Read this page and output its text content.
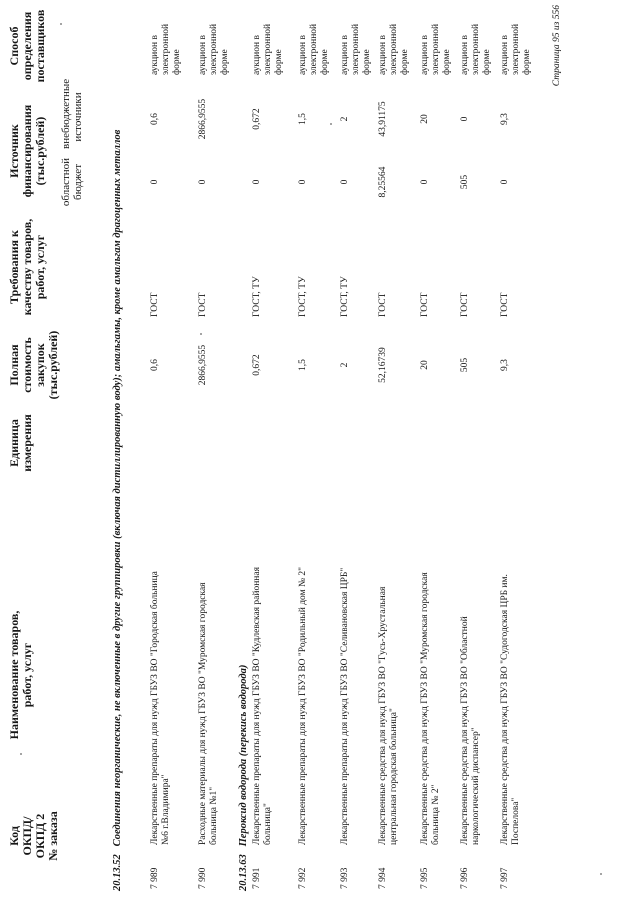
Код ОКПД/ ОКПД 2 № заказа
Наименование товаров, работ, услуг
Единица измерения
Полная стоимость закупок (тыс.рублей)
Требования к качеству товаров, работ, услуг
Источник финансирования (тыс.рублей) областной бюджет
внебюджетные источники
Способ определения поставщиков
20.13.52   Соединения неорганические, не включенные в другие группировки (включая дистиллированную воду); амальгамы, кроме амальгам драгоценных металлов
7 989
Лекарственные препараты для нужд ГБУЗ ВО "Городская больница №6 г.Владимира"
0,6
ГОСТ
0
0,6
аукцион в электронной форме
7 990
Расходные материалы для нужд ГБУЗ ВО "Муромская городская больница №1"
2866,9555
ГОСТ
0
2866,9555
аукцион в электронной форме
20.13.63   Пероксид водорода (перекись водорода)
7 991
Лекарственные препараты для нужд ГБУЗ ВО "Кудлевская районная больница"
0,672
ГОСТ, ТУ
0
0,672
аукцион в электронной форме
7 992
Лекарственные препараты для нужд ГБУЗ ВО "Родильный дом № 2"
1,5
ГОСТ, ТУ
0
1,5
аукцион в электронной форме
7 993
Лекарственные препараты для нужд ГБУЗ ВО "Селивановская ЦРБ"
2
ГОСТ, ТУ
0
2
аукцион в электронной форме
7 994
Лекарственные средства для нужд ГБУЗ ВО "Гусь-Хрустальная центральная городская больница"
52,16739
ГОСТ
8,25564
43,91175
аукцион в электронной форме
7 995
Лекарственные средства для нужд ГБУЗ ВО "Муромская городская больница № 2"
20
ГОСТ
0
20
аукцион в электронной форме
7 996
Лекарственные средства для нужд ГБУЗ ВО "Областной наркологический диспансер"
505
ГОСТ
505
0
аукцион в электронной форме
7 997
Лекарственные средства для нужд ГБУЗ ВО "Судогодская ЦРБ им. Поспелова"
9,3
ГОСТ
0
9,3
аукцион в электронной форме Страница 95 из 556
